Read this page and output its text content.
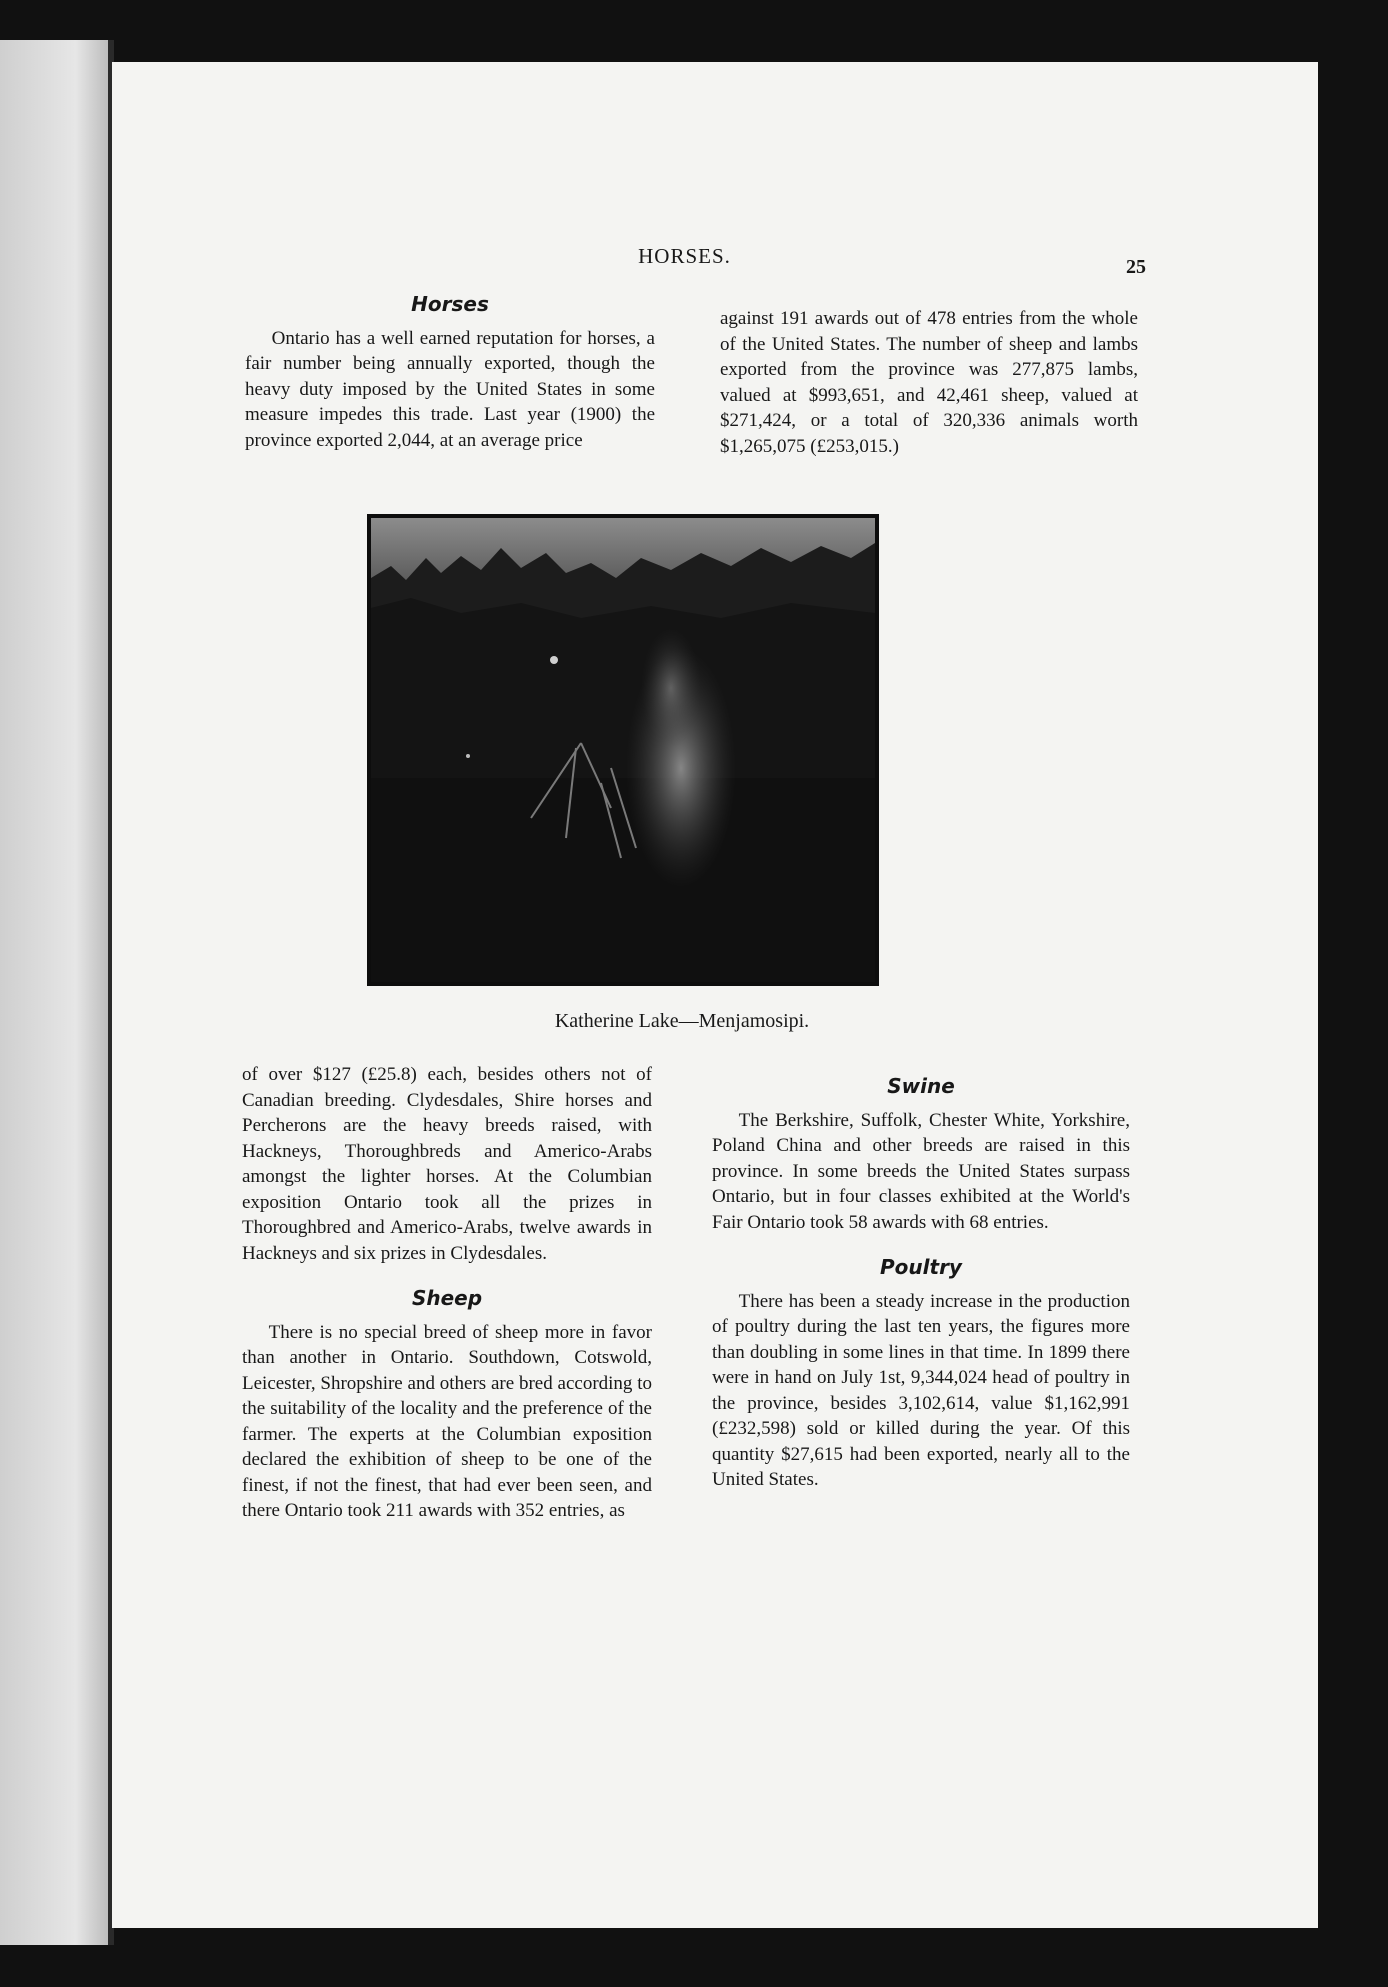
HORSES.	25
Horses

Ontario has a well earned reputation for horses, a fair number being annually exported, though the heavy duty imposed by the United States in some measure impedes this trade. Last year (1900) the province exported 2,044, at an average price

against 191 awards out of 478 entries from the whole of the United States. The number of sheep and lambs exported from the province was 277,875 lambs, valued at $993,651, and 42,461 sheep, valued at $271,424, or a total of 320,336 animals worth $1,265,075 (£253,015.)

Katherine Lake—Menjamosipi.

of over $127 (£25.8) each, besides others not of Canadian breeding. Clydesdales, Shire horses and Percherons are the heavy breeds raised, with Hackneys, Thoroughbreds and Americo-Arabs amongst the lighter horses. At the Columbian exposition Ontario took all the prizes in Thoroughbred and Americo-Arabs, twelve awards in Hackneys and six prizes in Clydesdales.

Sheep

There is no special breed of sheep more in favor than another in Ontario. Southdown, Cotswold, Leicester, Shropshire and others are bred according to the suitability of the locality and the preference of the farmer. The experts at the Columbian exposition declared the exhibition of sheep to be one of the finest, if not the finest, that had ever been seen, and there Ontario took 211 awards with 352 entries, as

Swine

The Berkshire, Suffolk, Chester White, Yorkshire, Poland China and other breeds are raised in this province. In some breeds the United States surpass Ontario, but in four classes exhibited at the World's Fair Ontario took 58 awards with 68 entries.

Poultry

There has been a steady increase in the production of poultry during the last ten years, the figures more than doubling in some lines in that time. In 1899 there were in hand on July 1st, 9,344,024 head of poultry in the province, besides 3,102,614, value $1,162,991 (£232,598) sold or killed during the year. Of this quantity $27,615 had been exported, nearly all to the United States.
